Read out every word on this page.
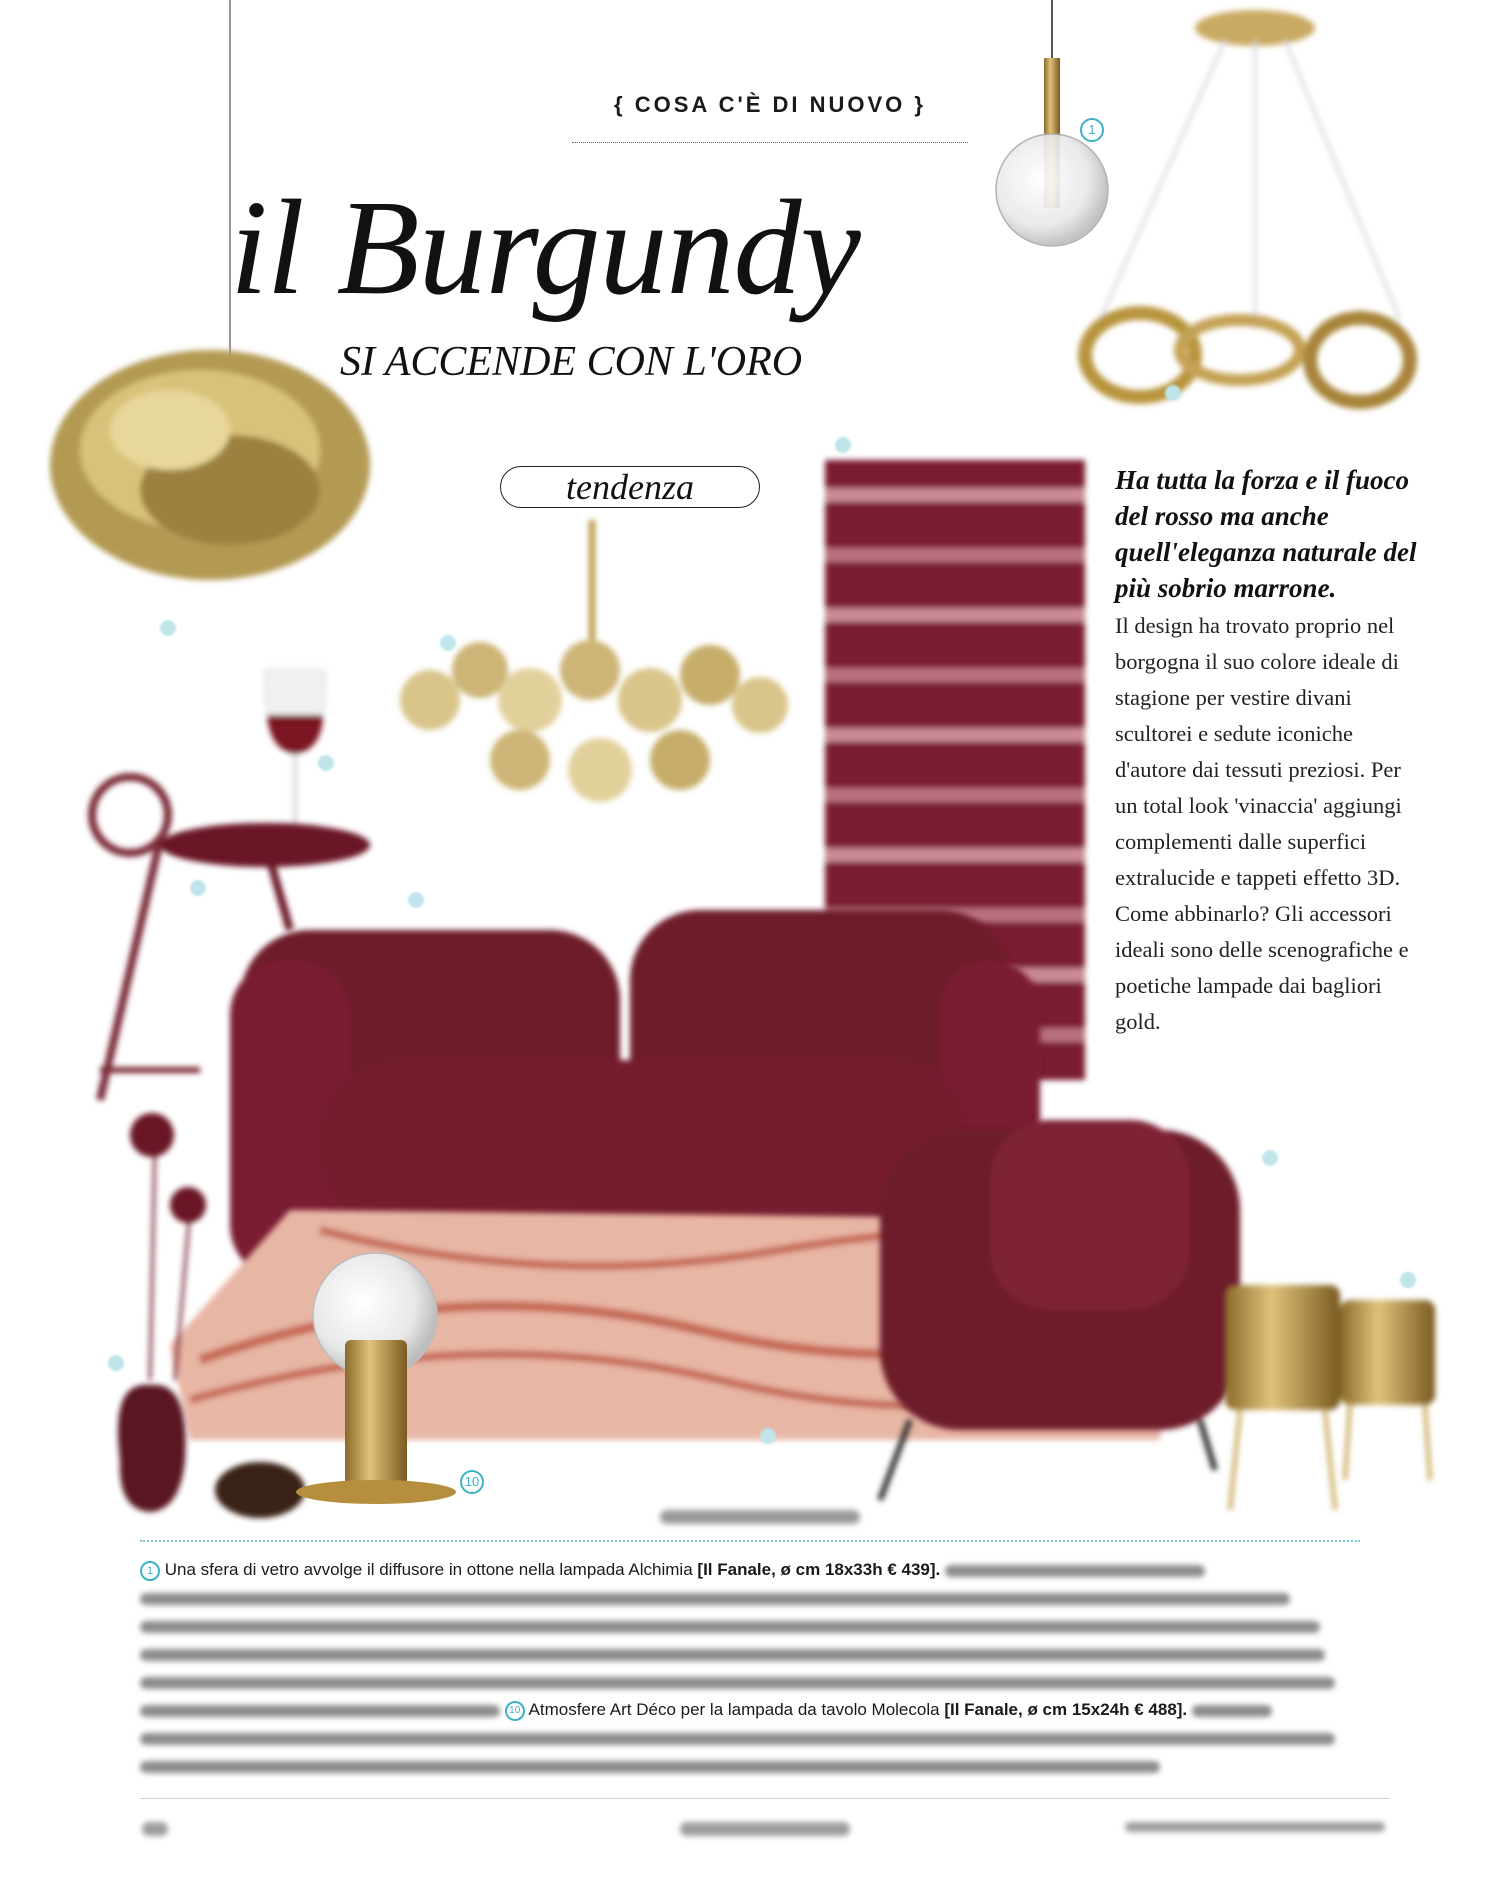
1
10
{ COSA C'È DI NUOVO }
il Burgundy
SI ACCENDE CON L'ORO
tendenza	Ha tutta la forza e il fuoco del rosso ma anche quell'eleganza naturale del più sobrio marrone.
Il design ha trovato proprio nel borgogna il suo colore ideale di stagione per vestire divani scultorei e sedute iconiche d'autore dai tessuti preziosi. Per un total look 'vinaccia' aggiungi complementi dalle superfici extralucide e tappeti effetto 3D. Come abbinarlo? Gli accessori ideali sono delle scenografiche e poetiche lampade dai bagliori gold.
1 Una sfera di vetro avvolge il diffusore in ottone nella lampada Alchimia [Il Fanale, ø cm 18x33h € 439].
10 Atmosfere Art Déco per la lampada da tavolo Molecola [Il Fanale, ø cm 15x24h € 488].
